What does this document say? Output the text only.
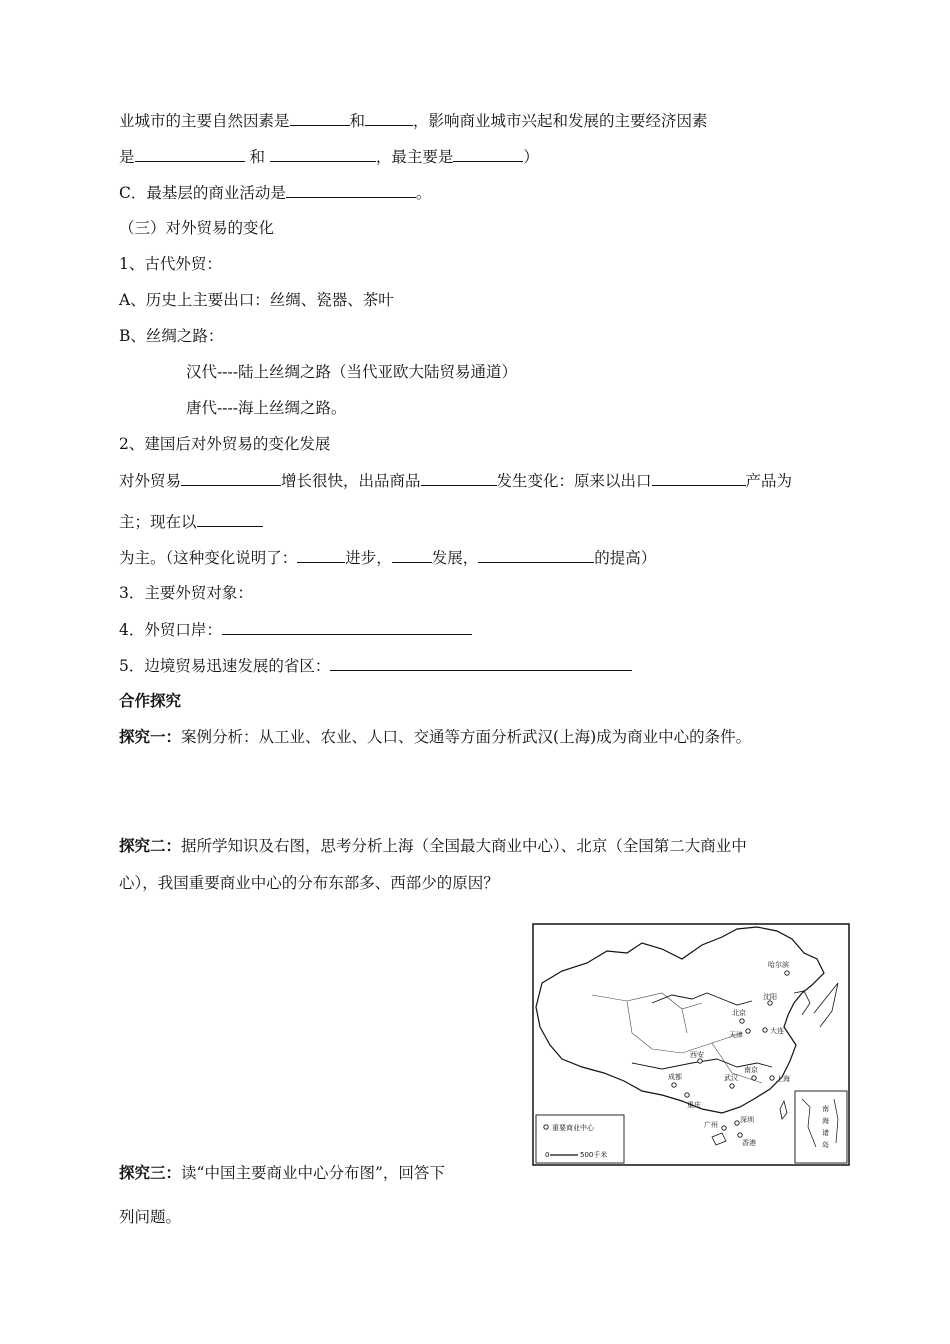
业城市的主要自然因素是	和	，影响商业城市兴起和发展的主要经济因素
是	和	，最主要是	）
C．最基层的商业活动是	。
（三）对外贸易的变化
1、古代外贸：
A、历史上主要出口：丝绸、瓷器、茶叶
B、丝绸之路：
汉代----陆上丝绸之路（当代亚欧大陆贸易通道）
唐代----海上丝绸之路。
2、建国后对外贸易的变化发展
对外贸易	增长很快，出品商品	发生变化：原来以出口	产品为
主；现在以
为主。（这种变化说明了：	进步，	发展，	的提高）
3．主要外贸对象：
4．外贸口岸：
5．边境贸易迅速发展的省区：
合作探究
探究一：案例分析：从工业、农业、人口、交通等方面分析武汉(上海)成为商业中心的条件。
探究二：据所学知识及右图，思考分析上海（全国最大商业中心）、北京（全国第二大商业中
心），我国重要商业中心的分布东部多、西部少的原因？
探究三：读“中国主要商业中心分布图”，回答下
列问题。
哈尔滨
沈阳
北京
天津	大连
西安
成都
重庆
武汉
南京
上海
广州
深圳
香港
重要商业中心
0	500千米
南
海
诸
岛
